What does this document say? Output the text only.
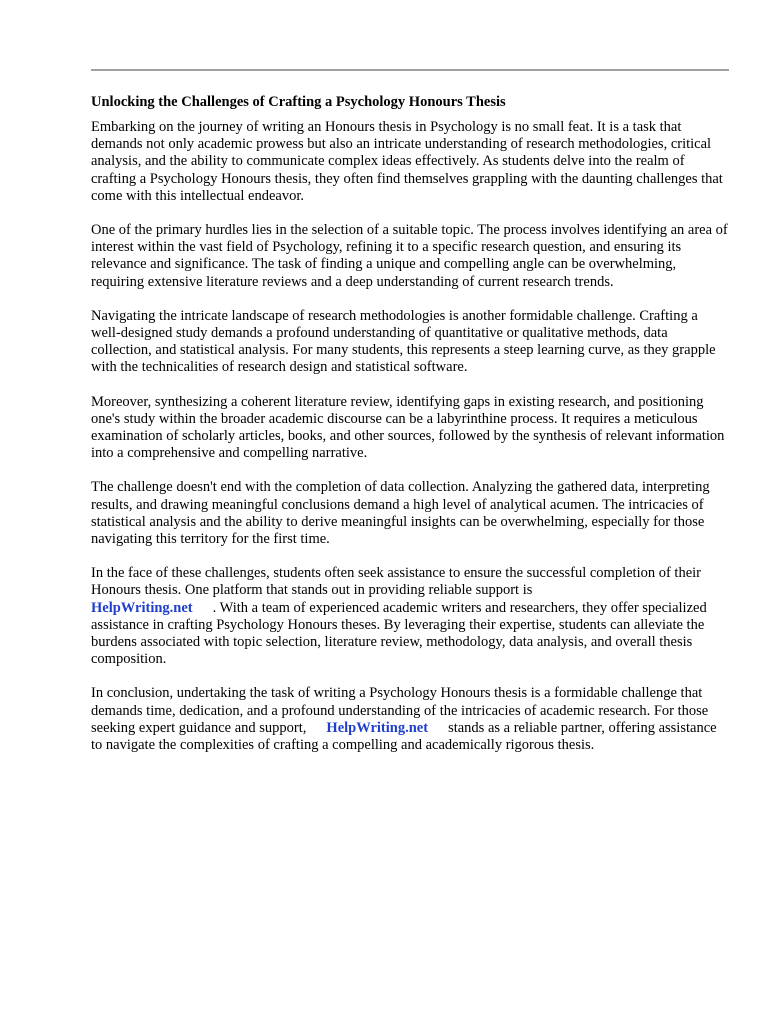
Unlocking the Challenges of Crafting a Psychology Honours Thesis

Embarking on the journey of writing an Honours thesis in Psychology is no small feat. It is a task that demands not only academic prowess but also an intricate understanding of research methodologies, critical analysis, and the ability to communicate complex ideas effectively. As students delve into the realm of crafting a Psychology Honours thesis, they often find themselves grappling with the daunting challenges that come with this intellectual endeavor.

One of the primary hurdles lies in the selection of a suitable topic. The process involves identifying an area of interest within the vast field of Psychology, refining it to a specific research question, and ensuring its relevance and significance. The task of finding a unique and compelling angle can be overwhelming, requiring extensive literature reviews and a deep understanding of current research trends.

Navigating the intricate landscape of research methodologies is another formidable challenge. Crafting a well-designed study demands a profound understanding of quantitative or qualitative methods, data collection, and statistical analysis. For many students, this represents a steep learning curve, as they grapple with the technicalities of research design and statistical software.

Moreover, synthesizing a coherent literature review, identifying gaps in existing research, and positioning one's study within the broader academic discourse can be a labyrinthine process. It requires a meticulous examination of scholarly articles, books, and other sources, followed by the synthesis of relevant information into a comprehensive and compelling narrative.

The challenge doesn't end with the completion of data collection. Analyzing the gathered data, interpreting results, and drawing meaningful conclusions demand a high level of analytical acumen. The intricacies of statistical analysis and the ability to derive meaningful insights can be overwhelming, especially for those navigating this territory for the first time.

In the face of these challenges, students often seek assistance to ensure the successful completion of their Honours thesis. One platform that stands out in providing reliable support is
HelpWriting.net . With a team of experienced academic writers and researchers, they offer specialized assistance in crafting Psychology Honours theses. By leveraging their expertise, students can alleviate the burdens associated with topic selection, literature review, methodology, data analysis, and overall thesis composition.

In conclusion, undertaking the task of writing a Psychology Honours thesis is a formidable challenge that demands time, dedication, and a profound understanding of the intricacies of academic research. For those seeking expert guidance and support, HelpWriting.net stands as a reliable partner, offering assistance to navigate the complexities of crafting a compelling and academically rigorous thesis.
